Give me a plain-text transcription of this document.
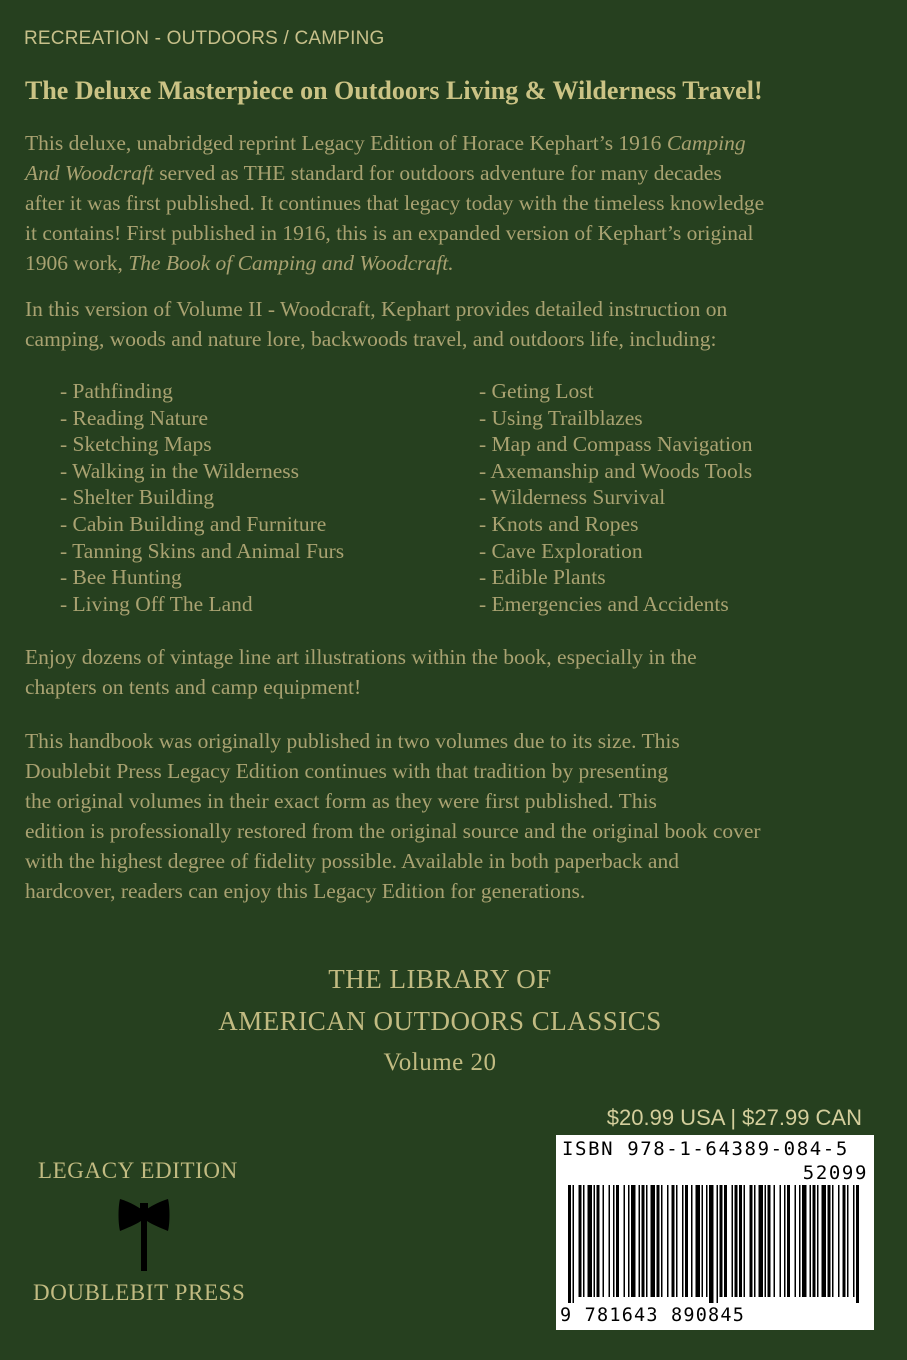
RECREATION - OUTDOORS / CAMPING
The Deluxe Masterpiece on Outdoors Living & Wilderness Travel!
This deluxe, unabridged reprint Legacy Edition of Horace Kephart’s 1916 Camping
And Woodcraft served as THE standard for outdoors adventure for many decades
after it was first published. It continues that legacy today with the timeless knowledge
it contains! First published in 1916, this is an expanded version of Kephart’s original
1906 work, The Book of Camping and Woodcraft.
In this version of Volume II - Woodcraft, Kephart provides detailed instruction on
camping, woods and nature lore, backwoods travel, and outdoors life, including:
- Pathfinding
- Reading Nature
- Sketching Maps
- Walking in the Wilderness
- Shelter Building
- Cabin Building and Furniture
- Tanning Skins and Animal Furs
- Bee Hunting
- Living Off The Land
- Geting Lost
- Using Trailblazes
- Map and Compass Navigation
- Axemanship and Woods Tools
- Wilderness Survival
- Knots and Ropes
- Cave Exploration
- Edible Plants
- Emergencies and Accidents
Enjoy dozens of vintage line art illustrations within the book, especially in the
chapters on tents and camp equipment!
This handbook was originally published in two volumes due to its size. This
Doublebit Press Legacy Edition continues with that tradition by presenting
the original volumes in their exact form as they were first published. This
edition is professionally restored from the original source and the original book cover
with the highest degree of fidelity possible. Available in both paperback and
hardcover, readers can enjoy this Legacy Edition for generations.
THE LIBRARY OF
AMERICAN OUTDOORS CLASSICS
Volume 20
$20.99 USA | $27.99 CAN
ISBN 978-1-64389-084-5
52099
9 781643 890845
LEGACY EDITION
DOUBLEBIT PRESS
